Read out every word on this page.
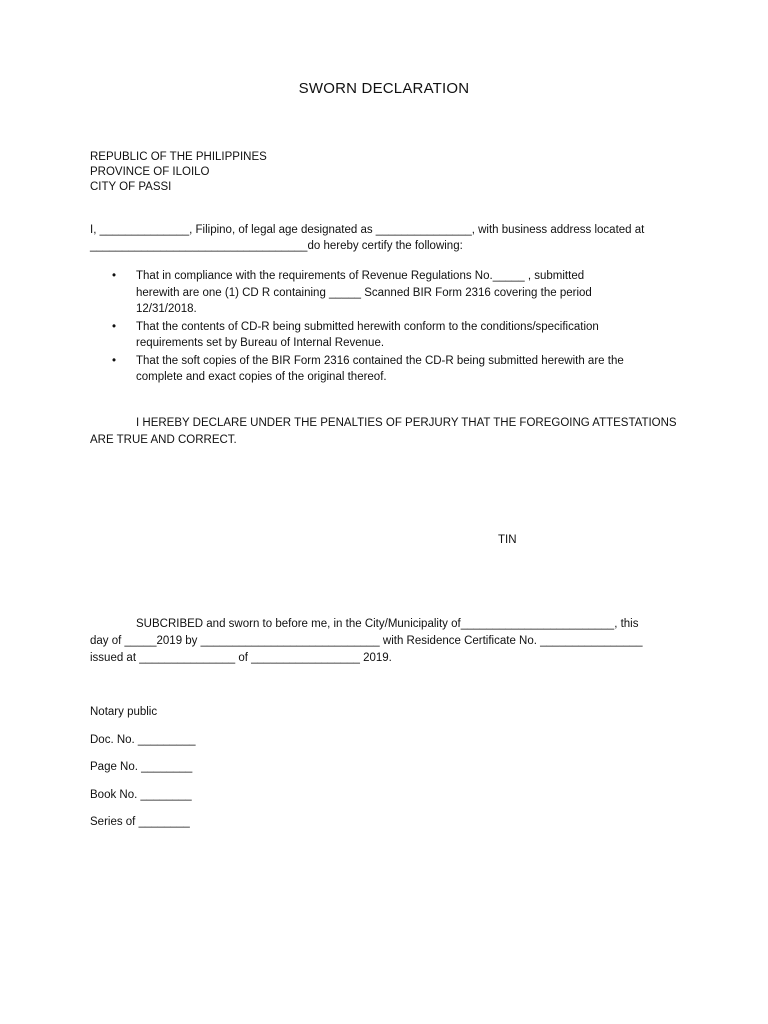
SWORN DECLARATION
REPUBLIC OF THE PHILIPPINES
PROVINCE OF ILOILO
CITY OF PASSI
I, ______________, Filipino, of legal age designated as _______________, with business address located at
__________________________________do hereby certify the following:
• That in compliance with the requirements of Revenue Regulations No._____ , submitted
herewith are one (1) CD R containing _____ Scanned BIR Form 2316 covering the period
12/31/2018.
• That the contents of CD-R being submitted herewith conform to the conditions/specification
requirements set by Bureau of Internal Revenue.
• That the soft copies of the BIR Form 2316 contained the CD-R being submitted herewith are the
complete and exact copies of the original thereof.
I HEREBY DECLARE UNDER THE PENALTIES OF PERJURY THAT THE FOREGOING ATTESTATIONS
ARE TRUE AND CORRECT.
TIN
SUBCRIBED and sworn to before me, in the City/Municipality of________________________, this
day of _____2019 by ____________________________ with Residence Certificate No. ________________
issued at _______________ of _________________ 2019.
Notary public
Doc. No. _________
Page No. ________
Book No. ________
Series of ________
